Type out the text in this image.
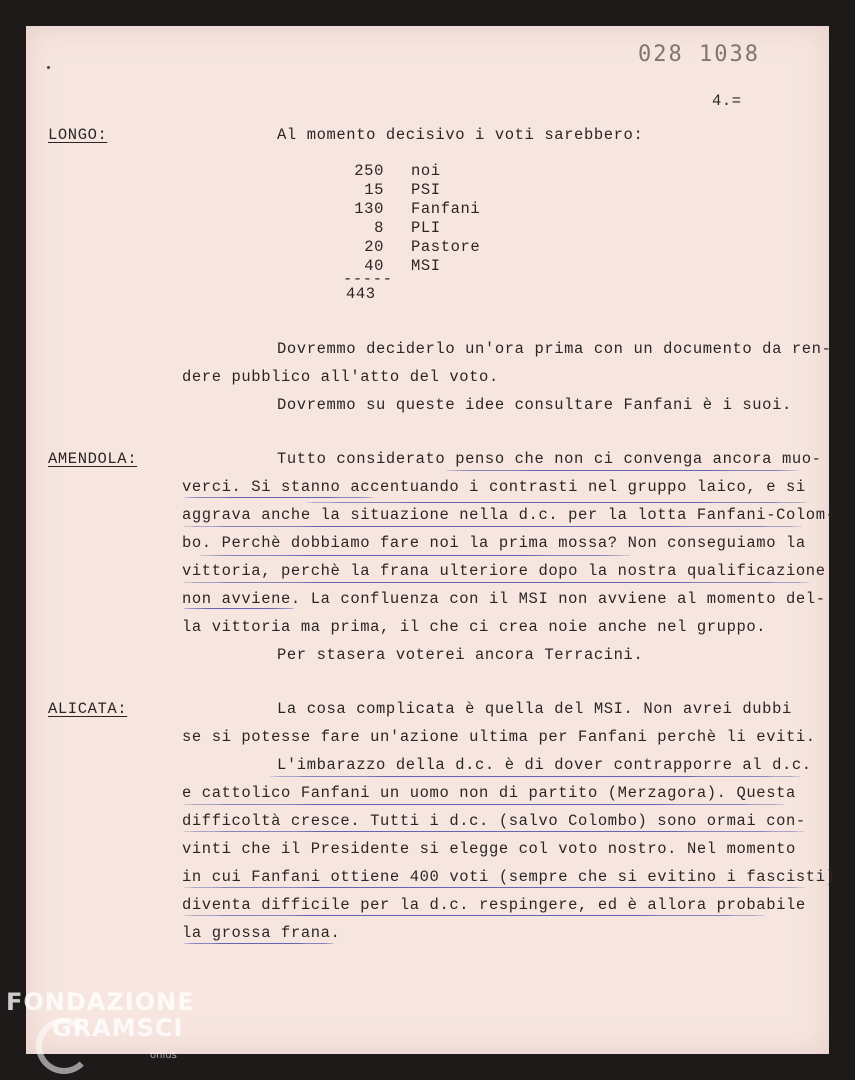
028 1038
4.=
LONGO:	Al momento decisivo i voti sarebbero:
250 noi
15 PSI
130 Fanfani
8 PLI
20 Pastore
40 MSI
-----
443
Dovremmo deciderlo un'ora prima con un documento da ren-
dere pubblico all'atto del voto.
Dovremmo su queste idee consultare Fanfani è i suoi.
AMENDOLA:	Tutto considerato penso che non ci convenga ancora muo-
verci. Si stanno accentuando i contrasti nel gruppo laico, e si
aggrava anche la situazione nella d.c. per la lotta Fanfani-Colom-
bo. Perchè dobbiamo fare noi la prima mossa? Non conseguiamo la
vittoria, perchè la frana ulteriore dopo la nostra qualificazione
non avviene. La confluenza con il MSI non avviene al momento del-
la vittoria ma prima, il che ci crea noie anche nel gruppo.
Per stasera voterei ancora Terracini.
ALICATA:	La cosa complicata è quella del MSI. Non avrei dubbi
se si potesse fare un'azione ultima per Fanfani perchè li eviti.
L'imbarazzo della d.c. è di dover contrapporre al d.c.
e cattolico Fanfani un uomo non di partito (Merzagora). Questa
difficoltà cresce. Tutti i d.c. (salvo Colombo) sono ormai con-
vinti che il Presidente si elegge col voto nostro. Nel momento
in cui Fanfani ottiene 400 voti (sempre che si evitino i fascisti)
diventa difficile per la d.c. respingere, ed è allora probabile
la grossa frana.
FONDAZIONE
GRAMSCI
onlus
